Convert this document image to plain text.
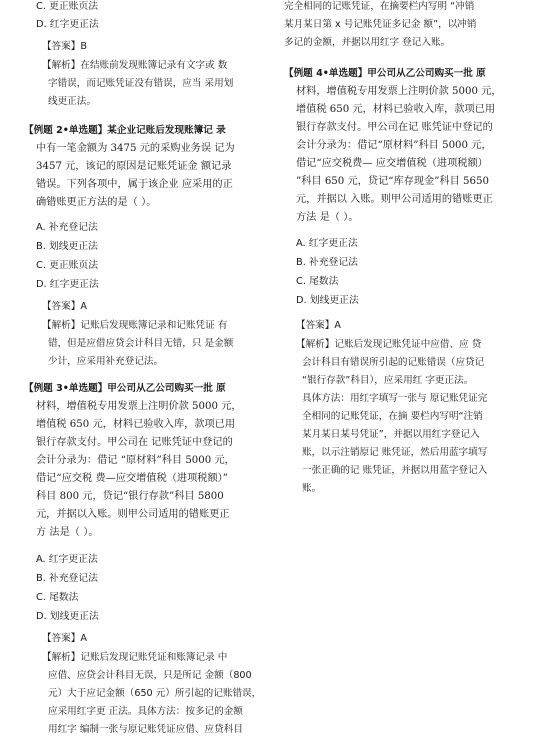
C. 更正账页法
D. 红字更正法
【答案】B
【解析】在结账前发现账簿记录有文字或 数
字错误，而记账凭证没有错误，应当 采用划
线更正法。
【例题 2•单选题】某企业记账后发现账簿记 录
中有一笔金额为 3475 元的采购业务误 记为
3457 元，该记的原因是记账凭证金 额记录
错误。下列各项中，属于该企业 应采用的正
确错账更正方法的是（ ）。
A. 补充登记法
B. 划线更正法
C. 更正账页法
D. 红字更正法
【答案】A
【解析】记账后发现账簿记录和记账凭证 有
错，但是应借应贷会计科目无错，只 是金额
少计，应采用补充登记法。
【例题 3•单选题】甲公司从乙公司购买一批 原
材料，增值税专用发票上注明价款 5000 元，
增值税 650 元，材料已验收入库，款项已用
银行存款支付。甲公司在 记账凭证中登记的
会计分录为：借记 “原材料”科目 5000 元，
借记“应交税 费—应交增值税（进项税额）”
科目 800 元，贷记“银行存款”科目 5800
元，并据以入账。则甲公司适用的错账更正
方 法是（ ）。
A. 红字更正法
B. 补充登记法
C. 尾数法
D. 划线更正法
【答案】A
【解析】记账后发现记账凭证和账簿记录 中
应借、应贷会计科目无误，只是所记 金额（800
元）大于应记金额（650 元）所引起的记账错误，
应采用红字更 正法。具体方法：按多记的金额
用红字 编制一张与原记账凭证应借、应贷科目
完全相同的记账凭证，在摘要栏内写明 “冲销
某月某日第 x 号记账凭证多记金 额”，以冲销
多记的金额，并据以用红字 登记入账。
【例题 4•单选题】甲公司从乙公司购买一批 原
材料，增值税专用发票上注明价款 5000 元，
增值税 650 元，材料已验收入库，款项已用
银行存款支付。甲公司在记 账凭证中登记的
会计分录为：借记“原材料”科目 5000 元，
借记“应交税费— 应交增值税（进项税额）
”科目 650 元，贷记“库存现金”科目 5650
元，并据以 入账。则甲公司适用的错账更正
方法 是（ ）。
A. 红字更正法
B. 补充登记法
C. 尾数法
D. 划线更正法
【答案】A
【解析】记账后发现记账凭证中应借、应 贷
会计科目有错误所引起的记账错误（应贷记
“银行存款”科目），应采用红 字更正法。
具体方法：用红字填写一张与 原记账凭证完
全相同的记账凭证，在摘 要栏内写明“注销
某月某日某号凭证”，并据以用红字登记入
账，以示注销原记 账凭证，然后用蓝字填写
一张正确的记 账凭证，并据以用蓝字登记入
账。
